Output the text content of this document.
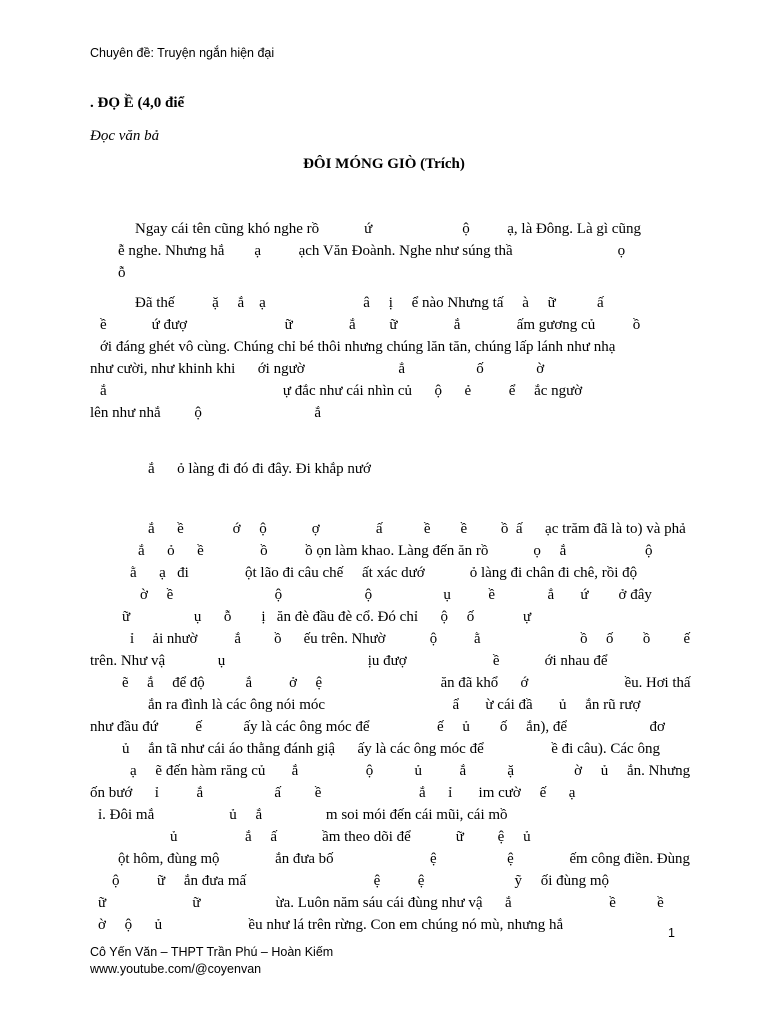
Chuyên đề: Truyện ngắn hiện đại
. ĐỌ Ề (4,0 điể
Đọc văn bả
ĐÔI MÓNG GIÒ (Trích)
Ngay cái tên cũng khó nghe rồ            ứ                        ộ          ạ, là Đông. Là gì cũng
ễ nghe. Nhưng hắ        ạ          ạch Văn Đoành. Nghe như súng thầ                            ọ
ỗ
Đã thế          ặ     ắ    ạ                          â     ị     ể nào Nhưng tấ     à     ữ           ấ
ề            ứ đượ                          ữ               ắ         ữ               ắ               ấm gương củ          ồ
ới đáng ghét vô cùng. Chúng chỉ bé thôi nhưng chúng lăn tăn, chúng lấp lánh như nhạ
như cười, như khinh khi      ới ngườ                         ẳ                   ố              ờ
ắ                                               ự đắc như cái nhìn củ      ộ      ẻ          ể     ắc ngườ
lên như nhắ         ộ                              ắ
ắ      ỏ làng đi đó đi đây. Đi khắp nướ
ắ      ề             ớ     ộ            ợ               ấ           ề        ề         ồ  ấ      ạc trăm đã là to) và phả
ắ      ỏ      ề               ồ          ồ ọn làm khao. Làng đến ăn rồ            ọ     ắ                     ộ
ằ      ạ   đi               ột lão đi câu chế     ất xác dướ            ỏ làng đi chân đi chê, rồi độ
ờ     ề                           ộ                      ộ                   ụ          ề              ẳ       ứ        ở đây
ữ                 ụ      ỗ        ị   ăn đè đầu đè cổ. Đó chỉ      ộ     ố             ự
ỉ     ải nhườ          ắ         ồ      ếu trên. Nhườ            ộ          ằ                           ồ     ố        ồ         ế
trên. Như vậ              ụ                                      ịu đượ                       ề            ới nhau để
ẽ     ắ     để độ           ắ          ở     ệ                                ăn đã khổ      ớ                          ều. Hơi thấ
ắn ra đình là các ông nói móc                                  ẩ       ừ cái đầ       ủ     ắn rũ rượ
như đầu đứ          ế           ấy là các ông móc để                  ế     ủ        ố     ắn), để                      đơ
ủ     ắn tã như cái áo thằng đánh giậ      ấy là các ông móc để                  ề đi câu). Các ông
ạ     ẽ đến hàm răng củ       ắ                  ộ           ủ          ắ           ặ                ờ     ủ     ắn. Nhưng
ốn bướ      ỉ          ắ                   ấ         ề                          ắ      ỉ       im cườ     ế      ạ
ỉ. Đôi mắ                    ủ     ắ                 m soi mói đến cái mũi, cái mồ
ủ                  ắ     ấ            ầm theo dõi để            ữ         ệ     ủ
ột hôm, đùng mộ               ắn đưa bố                          ệ                   ệ               ếm công điền. Đùng
ộ          ữ     ắn đưa mấ                                  ệ          ệ                        ỹ     ối đùng mộ
ữ                       ữ                    ừa. Luôn năm sáu cái đùng như vậ      ắ                          ề           ề
ờ     ộ      ủ                       ều như lá trên rừng. Con em chúng nó mù, nhưng hắ	1
Cô Yến Văn – THPT Trần Phú – Hoàn Kiếm
www.youtube.com/@coyenvan
